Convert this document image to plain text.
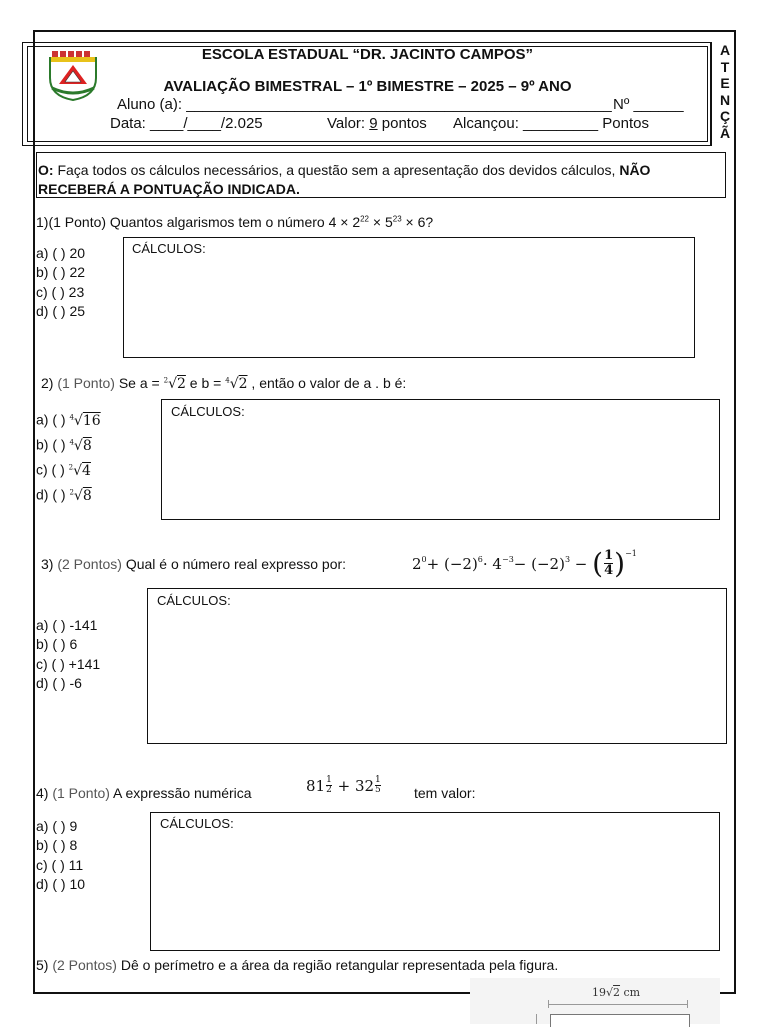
A
T
E
N
Ç
Ã
ESCOLA ESTADUAL “DR. JACINTO CAMPOS”
AVALIAÇÃO BIMESTRAL – 1º BIMESTRE – 2025 – 9º ANO
Aluno (a): ___________________________________________________ Nº ______
Data: ____/____/2.025	Valor: 9 pontos Alcançou: _________ Pontos
O: Faça todos os cálculos necessários, a questão sem a apresentação dos devidos cálculos, NÃO RECEBERÁ A PONTUAÇÃO INDICADA.
1)(1 Ponto) Quantos algarismos tem o número $4 \times 2^{22} \times 5^{23} \times 6$?
a) ( ) 20
b) ( ) 22
c) ( ) 23
d) ( ) 25
CÁLCULOS:
2) (1 Ponto) Se a = $^2$√2 e b = $^4$√2 , então o valor de a . b é:
a) ( ) $^4$√16
b) ( ) $^4$√8
c) ( ) $^2$√4
d) ( ) $^2$√8
CÁLCULOS:
3) (2 Pontos) Qual é o número real expresso por:	$2^0 + (-2)^6 \cdot 4^{-3} - (-2)^3$ − ( $\frac{1}{4} )^{-1}$
a) ( ) -141
b) ( ) 6
c) ( ) +141
d) ( ) -6
CÁLCULOS:
4) (1 Ponto) A expressão numérica	$81 \frac{1}{2} + 32 \frac{1}{5}$ tem valor:
a) ( ) 9
b) ( ) 8
c) ( ) 11
d) ( ) 10
CÁLCULOS:
5) (2 Pontos) Dê o perímetro e a área da região retangular representada pela figura.
19√2 cm
